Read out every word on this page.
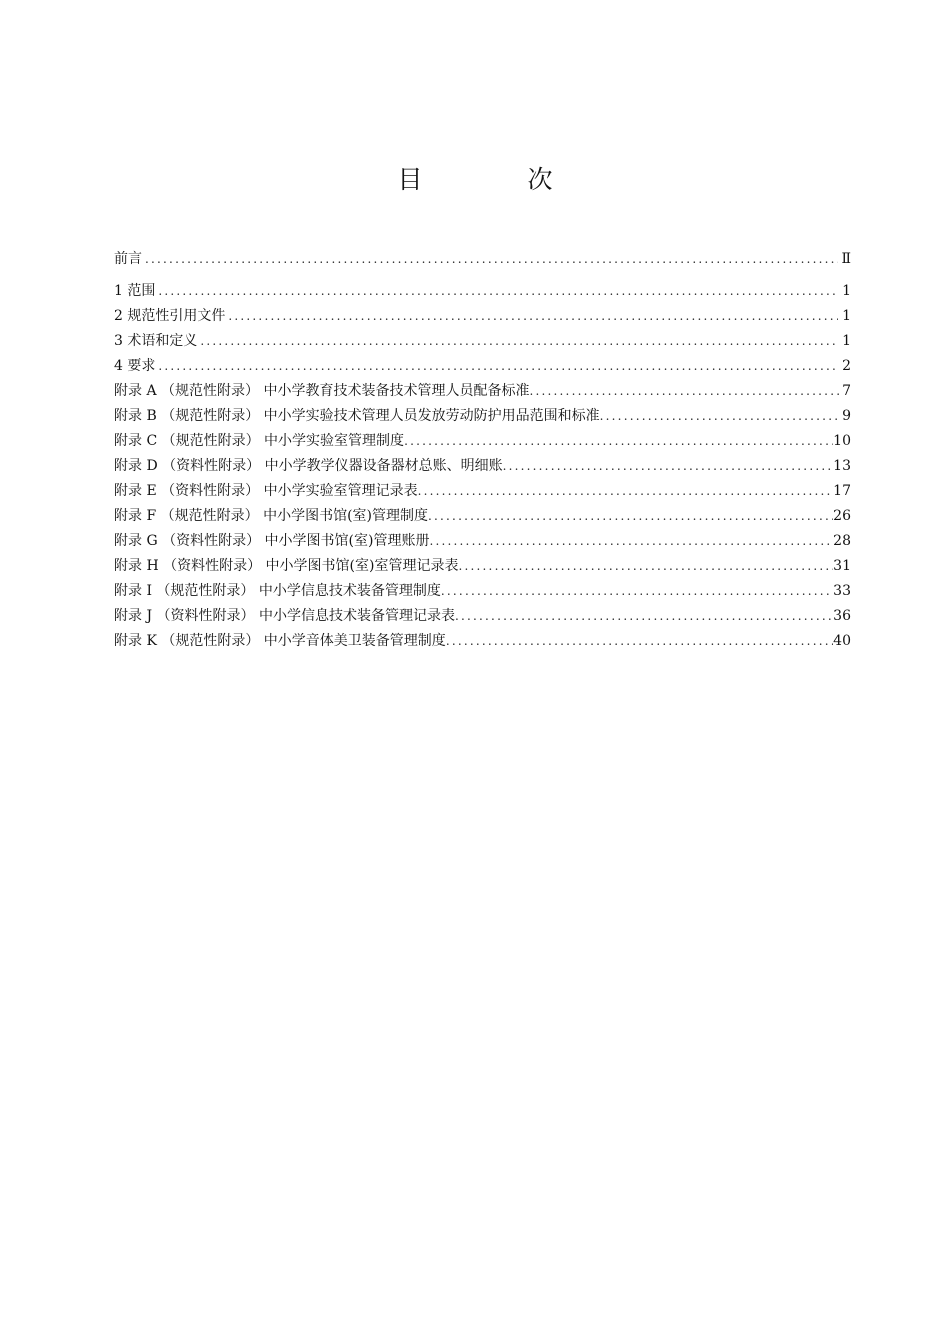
目　次
前言 .....	Ⅱ
1 范围 .....	1
2 规范性引用文件 .....	1
3 术语和定义 .....	1
4 要求 .....	2
附录 A （规范性附录） 中小学教育技术装备技术管理人员配备标准 .....	7
附录 B （规范性附录） 中小学实验技术管理人员发放劳动防护用品范围和标准 .....	9
附录 C （规范性附录） 中小学实验室管理制度 .....	10
附录 D （资料性附录） 中小学教学仪器设备器材总账、明细账 .....	13
附录 E （资料性附录） 中小学实验室管理记录表 .....	17
附录 F （规范性附录） 中小学图书馆(室)管理制度 .....	26
附录 G （资料性附录） 中小学图书馆(室)管理账册 .....	28
附录 H （资料性附录） 中小学图书馆(室)室管理记录表 .....	31
附录 I （规范性附录） 中小学信息技术装备管理制度 .....	33
附录 J （资料性附录） 中小学信息技术装备管理记录表 .....	36
附录 K （规范性附录） 中小学音体美卫装备管理制度 .....	40
